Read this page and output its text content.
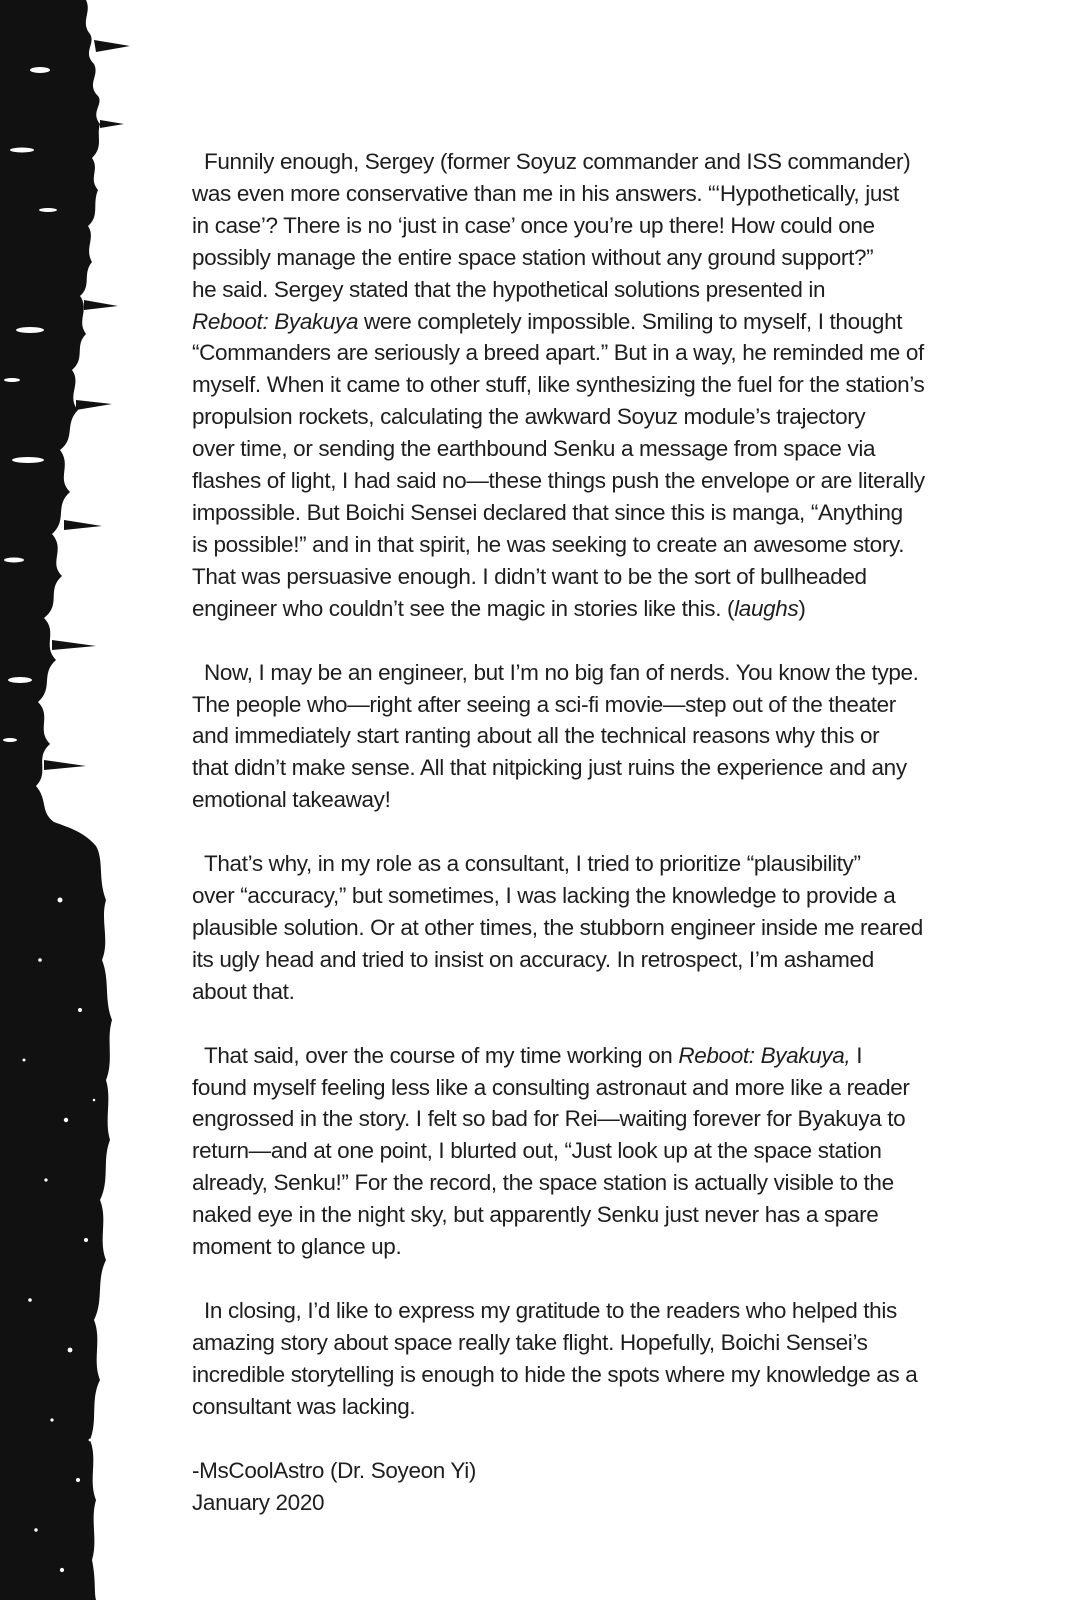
Funnily enough, Sergey (former Soyuz commander and ISS commander)
was even more conservative than me in his answers. “‘Hypothetically, just
in case’? There is no ‘just in case’ once you’re up there! How could one
possibly manage the entire space station without any ground support?”
he said. Sergey stated that the hypothetical solutions presented in
Reboot: Byakuya were completely impossible. Smiling to myself, I thought
“Commanders are seriously a breed apart.” But in a way, he reminded me of
myself. When it came to other stuff, like synthesizing the fuel for the station’s
propulsion rockets, calculating the awkward Soyuz module’s trajectory
over time, or sending the earthbound Senku a message from space via
flashes of light, I had said no—these things push the envelope or are literally
impossible. But Boichi Sensei declared that since this is manga, “Anything
is possible!” and in that spirit, he was seeking to create an awesome story.
That was persuasive enough. I didn’t want to be the sort of bullheaded
engineer who couldn’t see the magic in stories like this. (laughs)

Now, I may be an engineer, but I’m no big fan of nerds. You know the type.
The people who—right after seeing a sci-fi movie—step out of the theater
and immediately start ranting about all the technical reasons why this or
that didn’t make sense. All that nitpicking just ruins the experience and any
emotional takeaway!

That’s why, in my role as a consultant, I tried to prioritize “plausibility”
over “accuracy,” but sometimes, I was lacking the knowledge to provide a
plausible solution. Or at other times, the stubborn engineer inside me reared
its ugly head and tried to insist on accuracy. In retrospect, I’m ashamed
about that.

That said, over the course of my time working on Reboot: Byakuya, I
found myself feeling less like a consulting astronaut and more like a reader
engrossed in the story. I felt so bad for Rei—waiting forever for Byakuya to
return—and at one point, I blurted out, “Just look up at the space station
already, Senku!” For the record, the space station is actually visible to the
naked eye in the night sky, but apparently Senku just never has a spare
moment to glance up.

In closing, I’d like to express my gratitude to the readers who helped this
amazing story about space really take flight. Hopefully, Boichi Sensei’s
incredible storytelling is enough to hide the spots where my knowledge as a
consultant was lacking.

-MsCoolAstro (Dr. Soyeon Yi)
January 2020
